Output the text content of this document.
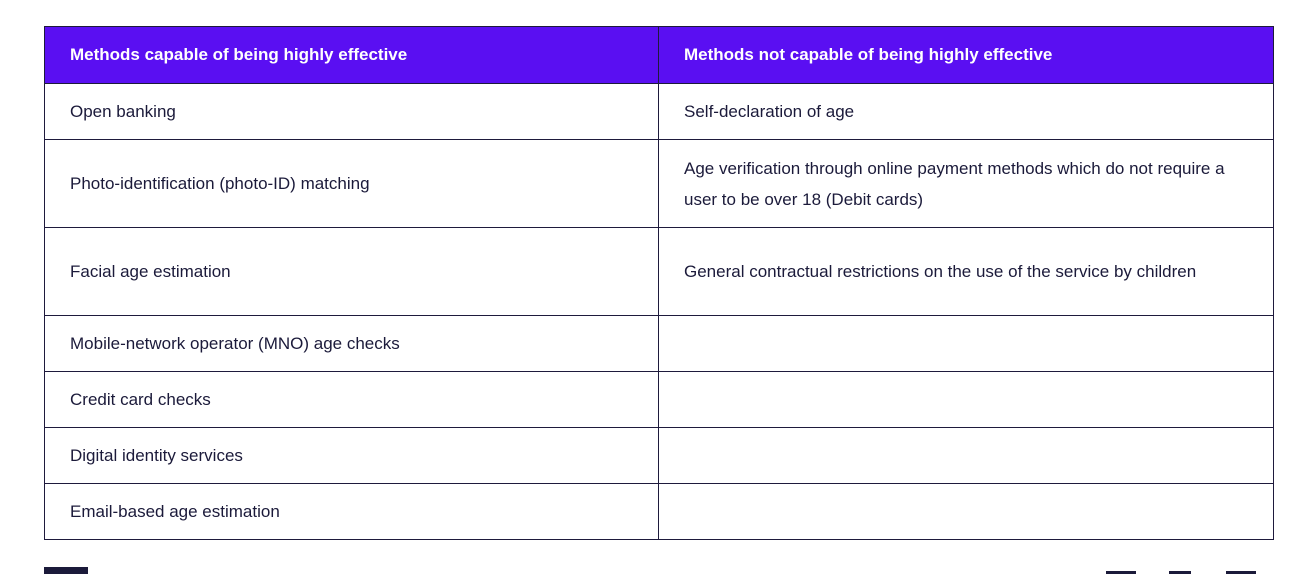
Methods capable of being highly effective	Methods not capable of being highly effective
Open banking	Self-declaration of age
Photo-identification (photo-ID) matching	Age verification through online payment methods which do not require a user to be over 18 (Debit cards)
Facial age estimation	General contractual restrictions on the use of the service by children
Mobile-network operator (MNO) age checks	
Credit card checks	
Digital identity services	
Email-based age estimation	
